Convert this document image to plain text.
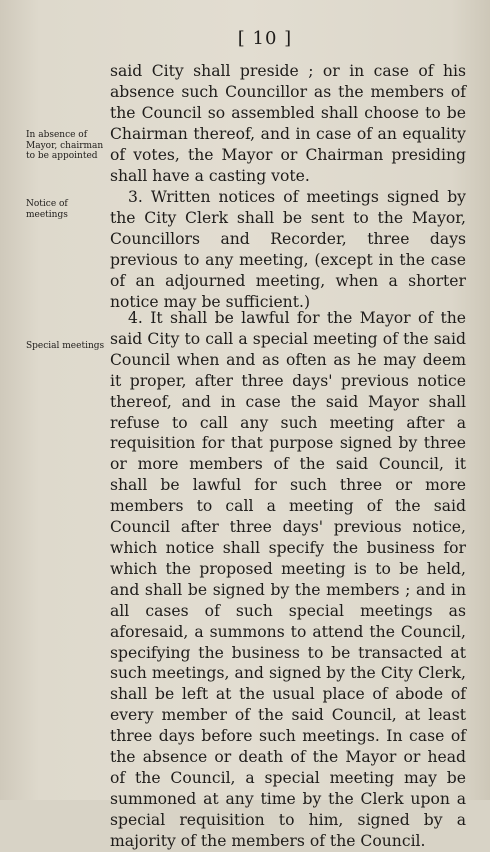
[ 10 ]
In absence of Mayor, chairman to be appointed
Notice of meetings
Special meetings

said City shall preside ; or in case of his absence such Councillor as the members of the Council so assembled shall choose to be Chairman thereof, and in case of an equality of votes, the Mayor or Chairman presiding shall have a casting vote.

3. Written notices of meetings signed by the City Clerk shall be sent to the Mayor, Councillors and Recorder, three days previous to any meeting, (except in the case of an adjourned meeting, when a shorter notice may be sufficient.)

4. It shall be lawful for the Mayor of the said City to call a special meeting of the said Council when and as often as he may deem it proper, after three days' previous notice thereof, and in case the said Mayor shall refuse to call any such meeting after a requisition for that purpose signed by three or more members of the said Council, it shall be lawful for such three or more members to call a meeting of the said Council after three days' previous notice, which notice shall specify the business for which the proposed meeting is to be held, and shall be signed by the members ; and in all cases of such special meetings as aforesaid, a summons to attend the Council, specifying the business to be transacted at such meetings, and signed by the City Clerk, shall be left at the usual place of abode of every member of the said Council, at least three days before such meetings. In case of the absence or death of the Mayor or head of the Council, a special meeting may be summoned at any time by the Clerk upon a special requisition to him, signed by a majority of the members of the Council.
